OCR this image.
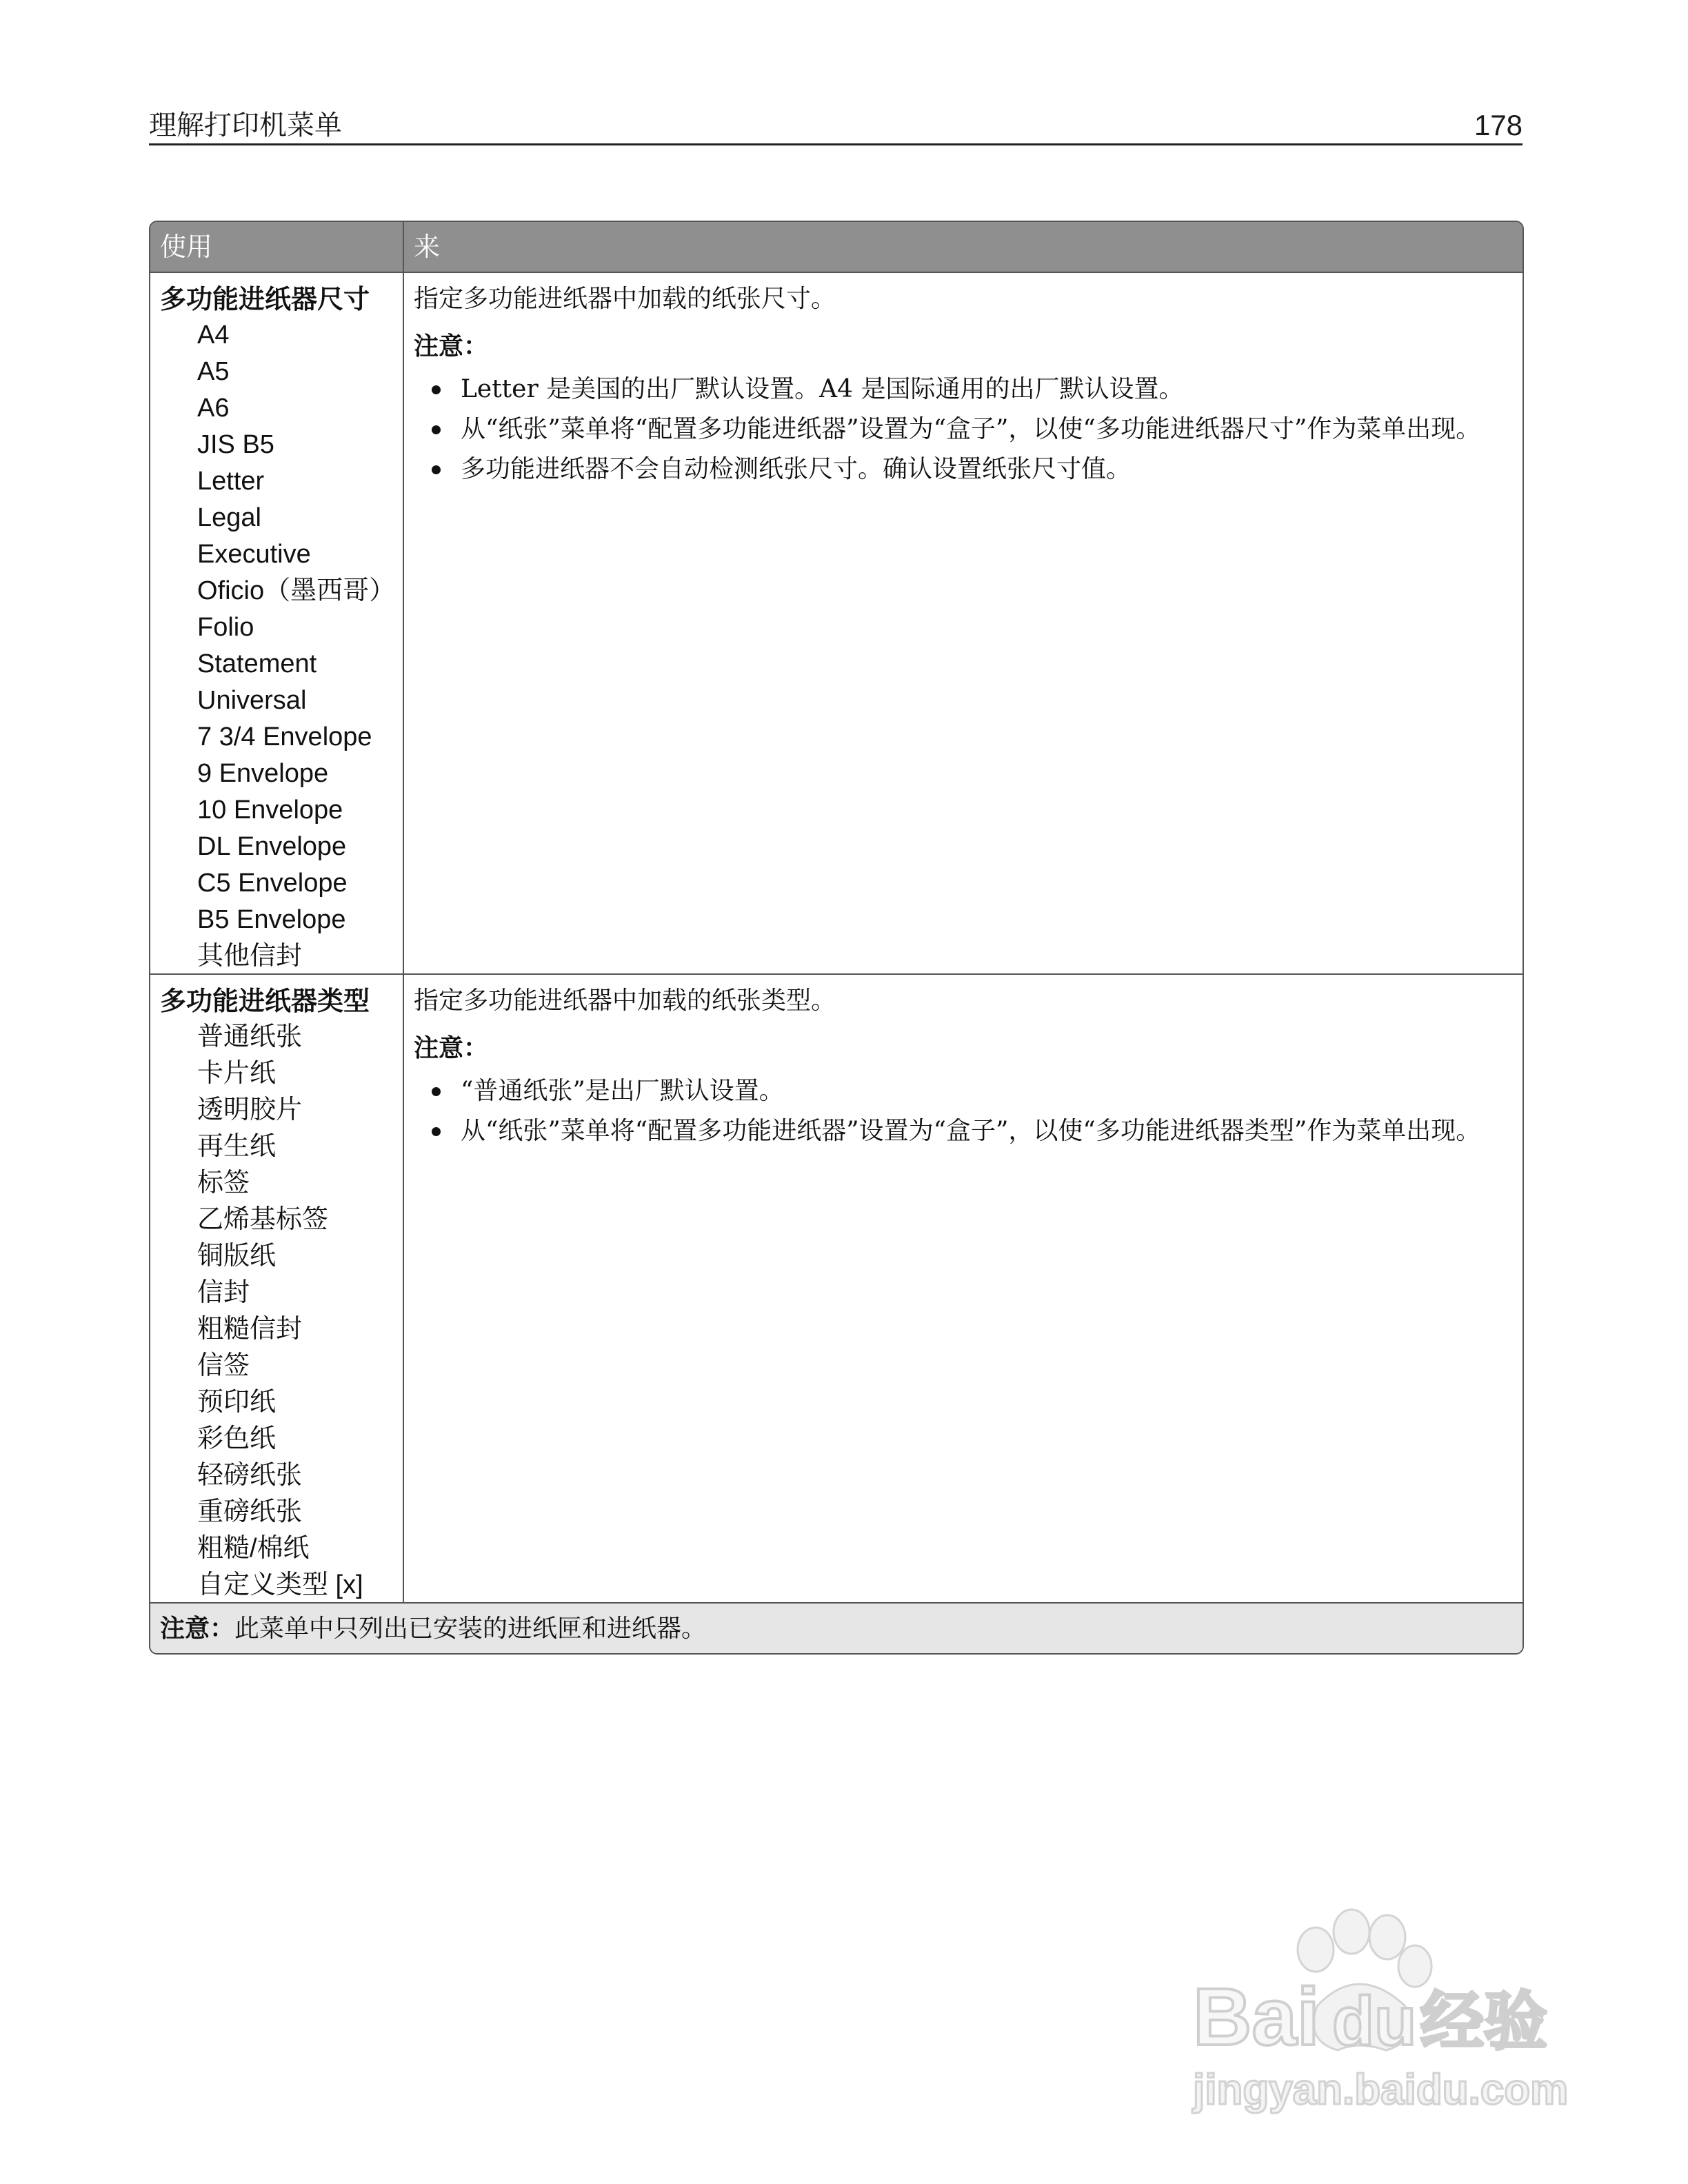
理解打印机菜单	178
使用	来
多功能进纸器尺寸
A4
A5
A6
JIS B5
Letter
Legal
Executive
Oficio（墨西哥）
Folio
Statement
Universal
7 3/4 Envelope
9 Envelope
10 Envelope
DL Envelope
C5 Envelope
B5 Envelope
其他信封

指定多功能进纸器中加载的纸张尺寸。

注意：
Letter 是美国的出厂默认设置。A4 是国际通用的出厂默认设置。
从“纸张”菜单将“配置多功能进纸器”设置为“盒子”，以使“多功能进纸器尺寸”作为菜单出现。
多功能进纸器不会自动检测纸张尺寸。确认设置纸张尺寸值。
多功能进纸器类型
普通纸张
卡片纸
透明胶片
再生纸
标签
乙烯基标签
铜版纸
信封
粗糙信封
信签
预印纸
彩色纸
轻磅纸张
重磅纸张
粗糙/棉纸
自定义类型 [x]

指定多功能进纸器中加载的纸张类型。

注意：
“普通纸张”是出厂默认设置。
从“纸张”菜单将“配置多功能进纸器”设置为“盒子”，以使“多功能进纸器类型”作为菜单出现。
注意：此菜单中只列出已安装的进纸匣和进纸器。
Bai du 经验
jingyan.baidu.com
